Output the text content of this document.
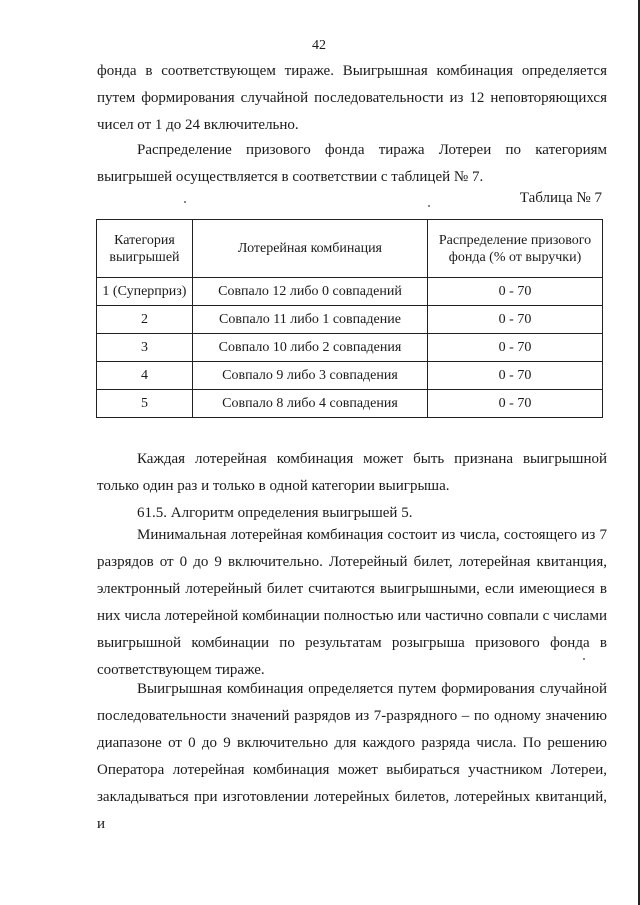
42
фонда в соответствующем тираже. Выигрышная комбинация определяется путем формирования случайной последовательности из 12 неповторяющихся чисел от 1 до 24 включительно.
Распределение призового фонда тиража Лотереи по категориям выигрышей осуществляется в соответствии с таблицей № 7.
Таблица № 7
Категория выигрышей	Лотерейная комбинация	Распределение призового фонда (% от выручки)
1 (Суперприз)	Совпало 12 либо 0 совпадений	0 - 70
2	Совпало 11 либо 1 совпадение	0 - 70
3	Совпало 10 либо 2 совпадения	0 - 70
4	Совпало 9 либо 3 совпадения	0 - 70
5	Совпало 8 либо 4 совпадения	0 - 70
Каждая лотерейная комбинация может быть признана выигрышной только один раз и только в одной категории выигрыша.
61.5. Алгоритм определения выигрышей 5.
Минимальная лотерейная комбинация состоит из числа, состоящего из 7 разрядов от 0 до 9 включительно. Лотерейный билет, лотерейная квитанция, электронный лотерейный билет считаются выигрышными, если имеющиеся в них числа лотерейной комбинации полностью или частично совпали с числами выигрышной комбинации по результатам розыгрыша призового фонда в соответствующем тираже.
Выигрышная комбинация определяется путем формирования случайной последовательности значений разрядов из 7-разрядного – по одному значению диапазоне от 0 до 9 включительно для каждого разряда числа. По решению Оператора лотерейная комбинация может выбираться участником Лотереи, закладываться при изготовлении лотерейных билетов, лотерейных квитанций, и
